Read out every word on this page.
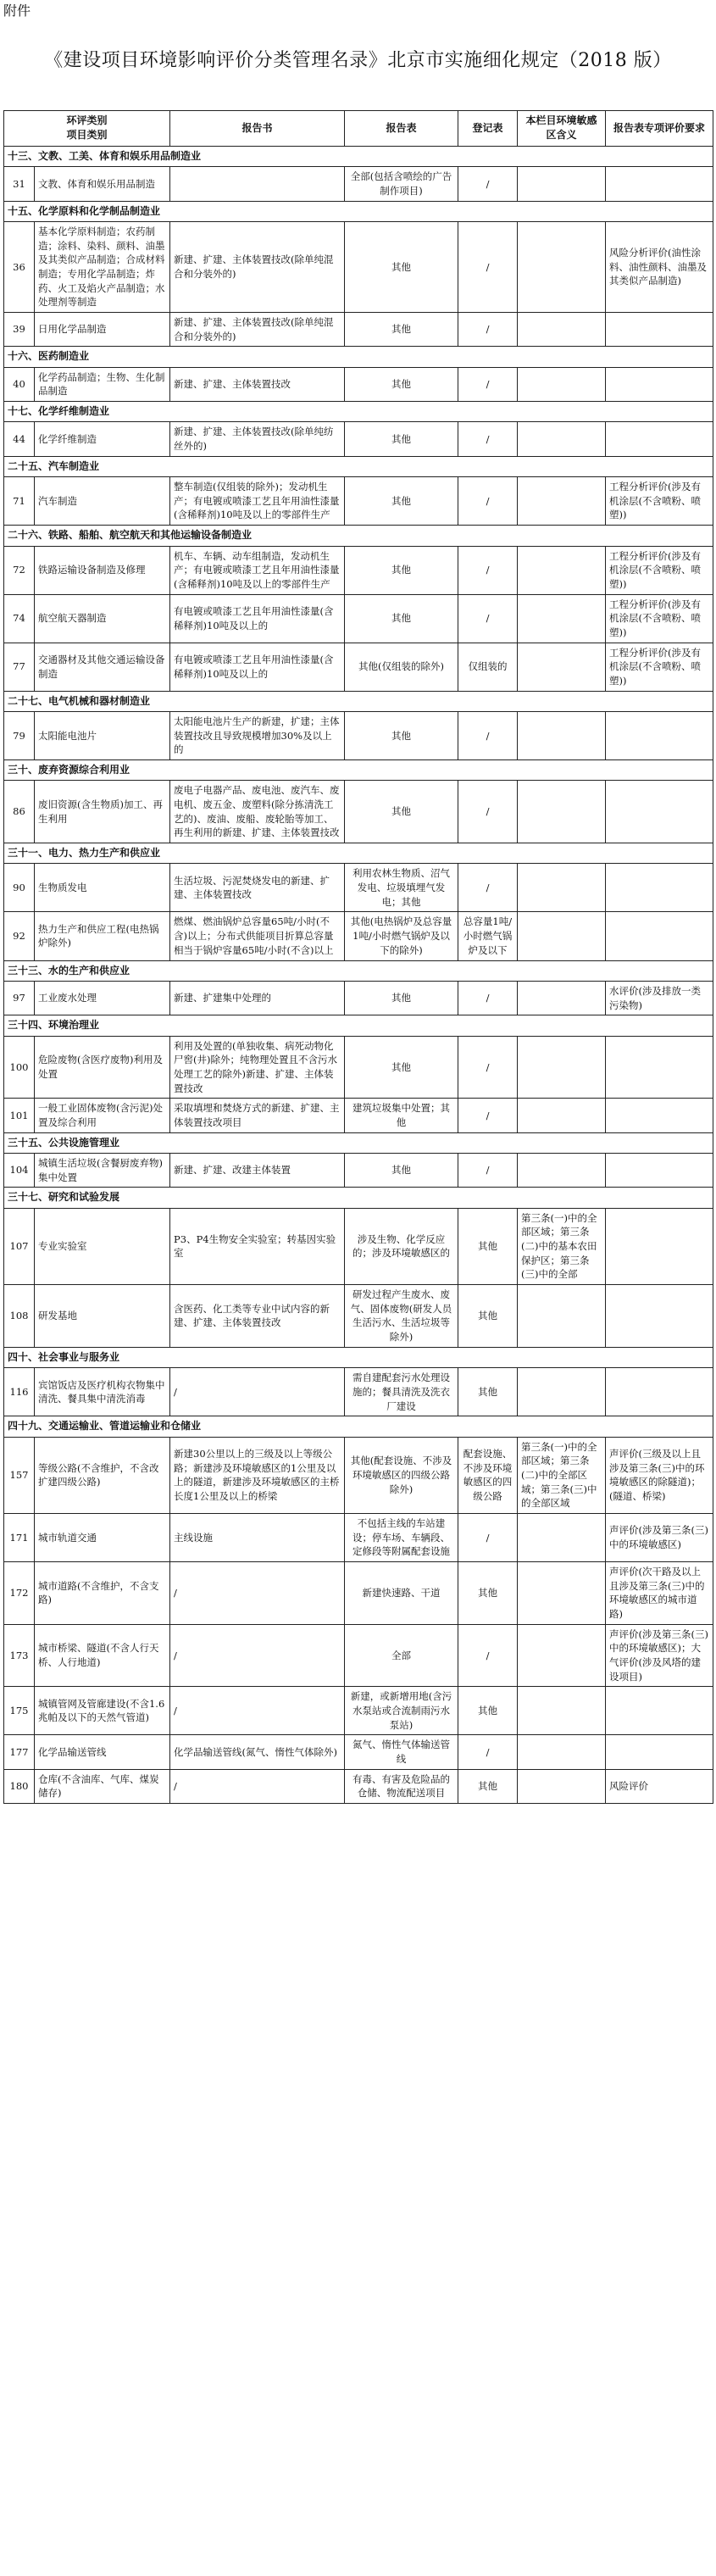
附件
《建设项目环境影响评价分类管理名录》北京市实施细化规定（2018 版）
环评类别
项目类别		报告书	报告表	登记表	本栏目环境敏感区含义	报告表专项评价要求
十三、文教、工美、体育和娱乐用品制造业						
31	文教、体育和娱乐用品制造		全部(包括含喷绘的广告制作项目)	/		
十五、化学原料和化学制品制造业						
36	基本化学原料制造；农药制造；涂料、染料、颜料、油墨及其类似产品制造；合成材料制造；专用化学品制造；炸药、火工及焰火产品制造；水处理剂等制造	新建、扩建、主体装置技改(除单纯混合和分装外的)	其他	/		风险分析评价(油性涂料、油性颜料、油墨及其类似产品制造)
39	日用化学品制造	新建、扩建、主体装置技改(除单纯混合和分装外的)	其他	/		
十六、医药制造业						
40	化学药品制造；生物、生化制品制造	新建、扩建、主体装置技改	其他	/		
十七、化学纤维制造业						
44	化学纤维制造	新建、扩建、主体装置技改(除单纯纺丝外的)	其他	/		
二十五、汽车制造业						
71	汽车制造	整车制造(仅组装的除外)；发动机生产；有电镀或喷漆工艺且年用油性漆量(含稀释剂)10吨及以上的零部件生产	其他	/		工程分析评价(涉及有机涂层(不含喷粉、喷塑))
二十六、铁路、船舶、航空航天和其他运输设备制造业						
72	铁路运输设备制造及修理	机车、车辆、动车组制造，发动机生产；有电镀或喷漆工艺且年用油性漆量(含稀释剂)10吨及以上的零部件生产	其他	/		工程分析评价(涉及有机涂层(不含喷粉、喷塑))
74	航空航天器制造	有电镀或喷漆工艺且年用油性漆量(含稀释剂)10吨及以上的	其他	/		工程分析评价(涉及有机涂层(不含喷粉、喷塑))
77	交通器材及其他交通运输设备制造	有电镀或喷漆工艺且年用油性漆量(含稀释剂)10吨及以上的	其他(仅组装的除外)	仅组装的		工程分析评价(涉及有机涂层(不含喷粉、喷塑))
二十七、电气机械和器材制造业						
79	太阳能电池片	太阳能电池片生产的新建，扩建；主体装置技改且导致规模增加30%及以上的	其他	/		
三十、废弃资源综合利用业						
86	废旧资源(含生物质)加工、再生利用	废电子电器产品、废电池、废汽车、废电机、废五金、废塑料(除分拣清洗工艺的)、废油、废船、废轮胎等加工、再生利用的新建、扩建、主体装置技改	其他	/		
三十一、电力、热力生产和供应业						
90	生物质发电	生活垃圾、污泥焚烧发电的新建、扩建、主体装置技改	利用农林生物质、沼气发电、垃圾填埋气发电；其他	/		
92	热力生产和供应工程(电热锅炉除外)	燃煤、燃油锅炉总容量65吨/小时(不含)以上；分布式供能项目折算总容量相当于锅炉容量65吨/小时(不含)以上	其他(电热锅炉及总容量1吨/小时燃气锅炉及以下的除外)	总容量1吨/小时燃气锅炉及以下		
三十三、水的生产和供应业						
97	工业废水处理	新建、扩建集中处理的	其他	/		水评价(涉及排放一类污染物)
三十四、环境治理业						
100	危险废物(含医疗废物)利用及处置	利用及处置的(单独收集、病死动物化尸窖(井)除外；纯物理处置且不含污水处理工艺的除外)新建、扩建、主体装置技改	其他	/		
101	一般工业固体废物(含污泥)处置及综合利用	采取填埋和焚烧方式的新建、扩建、主体装置技改项目	建筑垃圾集中处置；其他	/		
三十五、公共设施管理业						
104	城镇生活垃圾(含餐厨废弃物)集中处置	新建、扩建、改建主体装置	其他	/		
三十七、研究和试验发展						
107	专业实验室	P3、P4生物安全实验室；转基因实验室	涉及生物、化学反应的；涉及环境敏感区的	其他	第三条(一)中的全部区域；第三条(二)中的基本农田保护区；第三条(三)中的全部	
108	研发基地	含医药、化工类等专业中试内容的新建、扩建、主体装置技改	研发过程产生废水、废气、固体废物(研发人员生活污水、生活垃圾等除外)	其他		
四十、社会事业与服务业						
116	宾馆饭店及医疗机构衣物集中清洗、餐具集中清洗消毒	/	需自建配套污水处理设施的；餐具清洗及洗衣厂建设	其他		
四十九、交通运输业、管道运输业和仓储业						
157	等级公路(不含维护，不含改扩建四级公路)	新建30公里以上的三级及以上等级公路；新建涉及环境敏感区的1公里及以上的隧道，新建涉及环境敏感区的主桥长度1公里及以上的桥梁	其他(配套设施、不涉及环境敏感区的四级公路除外)	配套设施、不涉及环境敏感区的四级公路	第三条(一)中的全部区域；第三条(二)中的全部区域；第三条(三)中的全部区域	声评价(三级及以上且涉及第三条(三)中的环境敏感区的除隧道)；(隧道、桥梁)
171	城市轨道交通	主线设施	不包括主线的车站建设；停车场、车辆段、定修段等附属配套设施	/		声评价(涉及第三条(三)中的环境敏感区)
172	城市道路(不含维护，不含支路)	/	新建快速路、干道	其他		声评价(次干路及以上且涉及第三条(三)中的环境敏感区的城市道路)
173	城市桥梁、隧道(不含人行天桥、人行地道)	/	全部	/		声评价(涉及第三条(三)中的环境敏感区)；大气评价(涉及风塔的建设项目)
175	城镇管网及管廊建设(不含1.6兆帕及以下的天然气管道)	/	新建，或新增用地(含污水泵站或合流制雨污水泵站)	其他		
177	化学品输送管线	化学品输送管线(氮气、惰性气体除外)	氮气、惰性气体输送管线	/		
180	仓库(不含油库、气库、煤炭储存)	/	有毒、有害及危险品的仓储、物流配送项目	其他		风险评价
